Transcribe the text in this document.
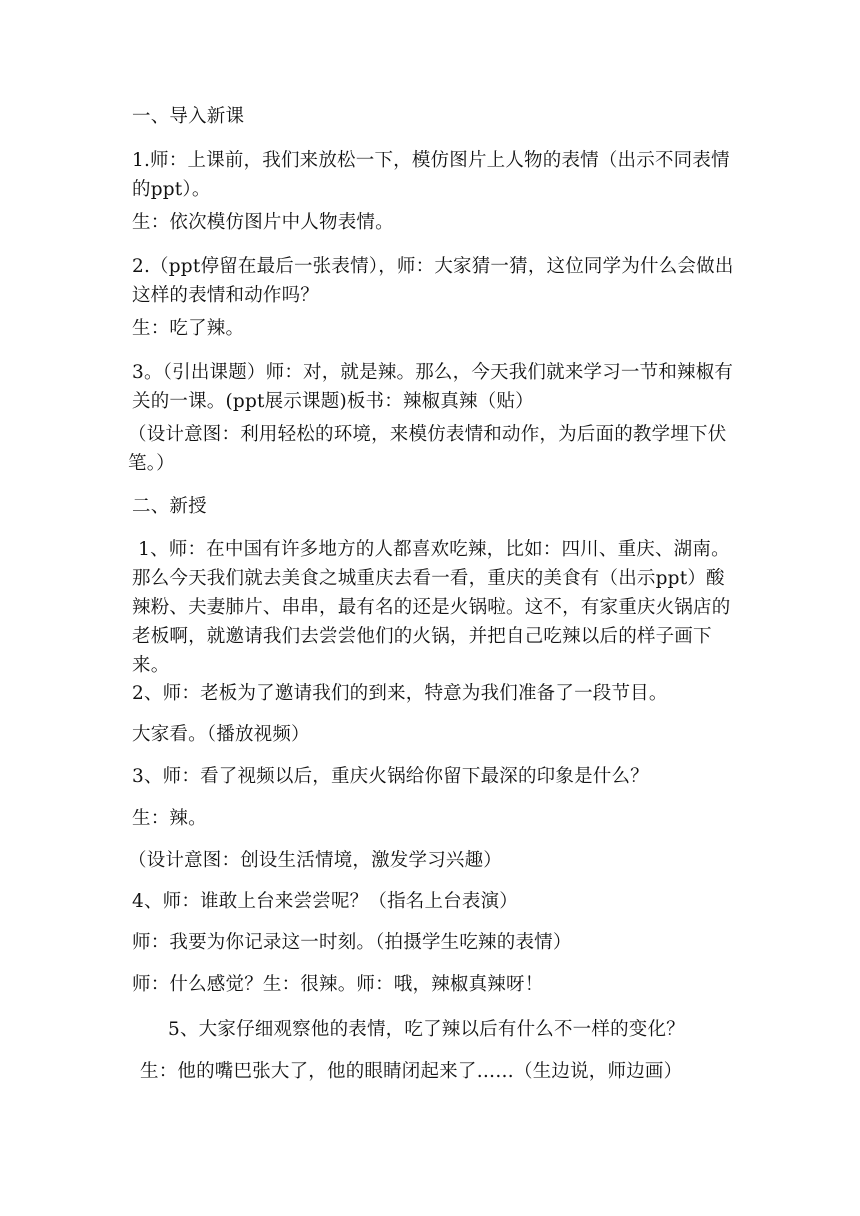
一、导入新课
1.师：上课前，我们来放松一下，模仿图片上人物的表情（出示不同表情的ppt）。
生：依次模仿图片中人物表情。
2.（ppt停留在最后一张表情），师：大家猜一猜，这位同学为什么会做出这样的表情和动作吗？
生：吃了辣。
3。（引出课题）师：对，就是辣。那么，今天我们就来学习一节和辣椒有关的一课。(ppt展示课题)板书：辣椒真辣（贴）
（设计意图：利用轻松的环境，来模仿表情和动作，为后面的教学埋下伏笔。）
二、新授
1、师：在中国有许多地方的人都喜欢吃辣，比如：四川、重庆、湖南。那么今天我们就去美食之城重庆去看一看，重庆的美食有（出示ppt）酸辣粉、夫妻肺片、串串，最有名的还是火锅啦。这不，有家重庆火锅店的老板啊，就邀请我们去尝尝他们的火锅，并把自己吃辣以后的样子画下来。
2、师：老板为了邀请我们的到来，特意为我们准备了一段节目。
大家看。（播放视频）
3、师：看了视频以后，重庆火锅给你留下最深的印象是什么？
生：辣。
（设计意图：创设生活情境，激发学习兴趣）
4、师：谁敢上台来尝尝呢？（指名上台表演）
师：我要为你记录这一时刻。（拍摄学生吃辣的表情）
师：什么感觉？生：很辣。师：哦，辣椒真辣呀！
5、大家仔细观察他的表情，吃了辣以后有什么不一样的变化？
生：他的嘴巴张大了，他的眼睛闭起来了……（生边说，师边画）
